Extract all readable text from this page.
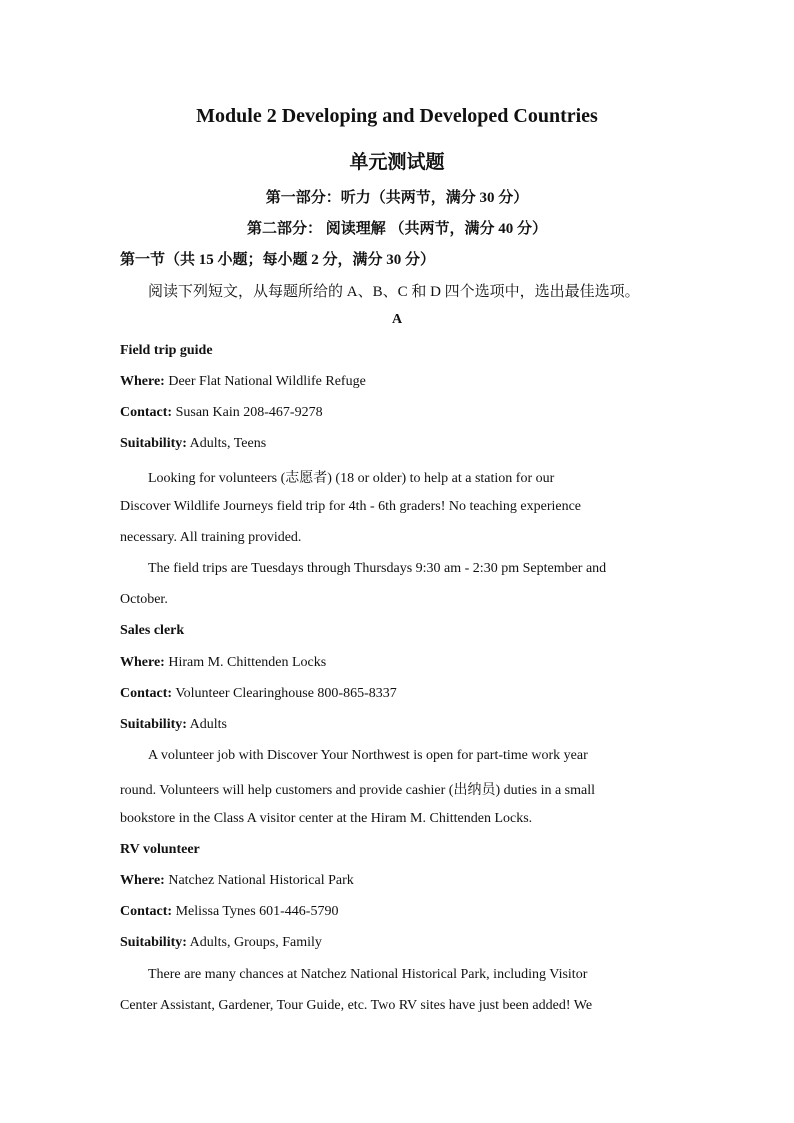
Module 2 Developing and Developed Countries
单元测试题
第一部分：听力（共两节，满分 30 分）
第二部分： 阅读理解 （共两节，满分 40 分）
第一节（共 15 小题；每小题 2 分，满分 30 分）
阅读下列短文，从每题所给的 A、B、C 和 D 四个选项中，选出最佳选项。
A
Field trip guide
Where: Deer Flat National Wildlife Refuge
Contact: Susan Kain 208-467-9278
Suitability: Adults, Teens
Looking for volunteers (志愿者) (18 or older) to help at a station for our
Discover Wildlife Journeys field trip for 4th - 6th graders! No teaching experience
necessary. All training provided.
The field trips are Tuesdays through Thursdays 9:30 am - 2:30 pm September and
October.
Sales clerk
Where: Hiram M. Chittenden Locks
Contact: Volunteer Clearinghouse 800-865-8337
Suitability: Adults
A volunteer job with Discover Your Northwest is open for part-time work year
round. Volunteers will help customers and provide cashier (出纳员) duties in a small
bookstore in the Class A visitor center at the Hiram M. Chittenden Locks.
RV volunteer
Where: Natchez National Historical Park
Contact: Melissa Tynes 601-446-5790
Suitability: Adults, Groups, Family
There are many chances at Natchez National Historical Park, including Visitor
Center Assistant, Gardener, Tour Guide, etc. Two RV sites have just been added! We
